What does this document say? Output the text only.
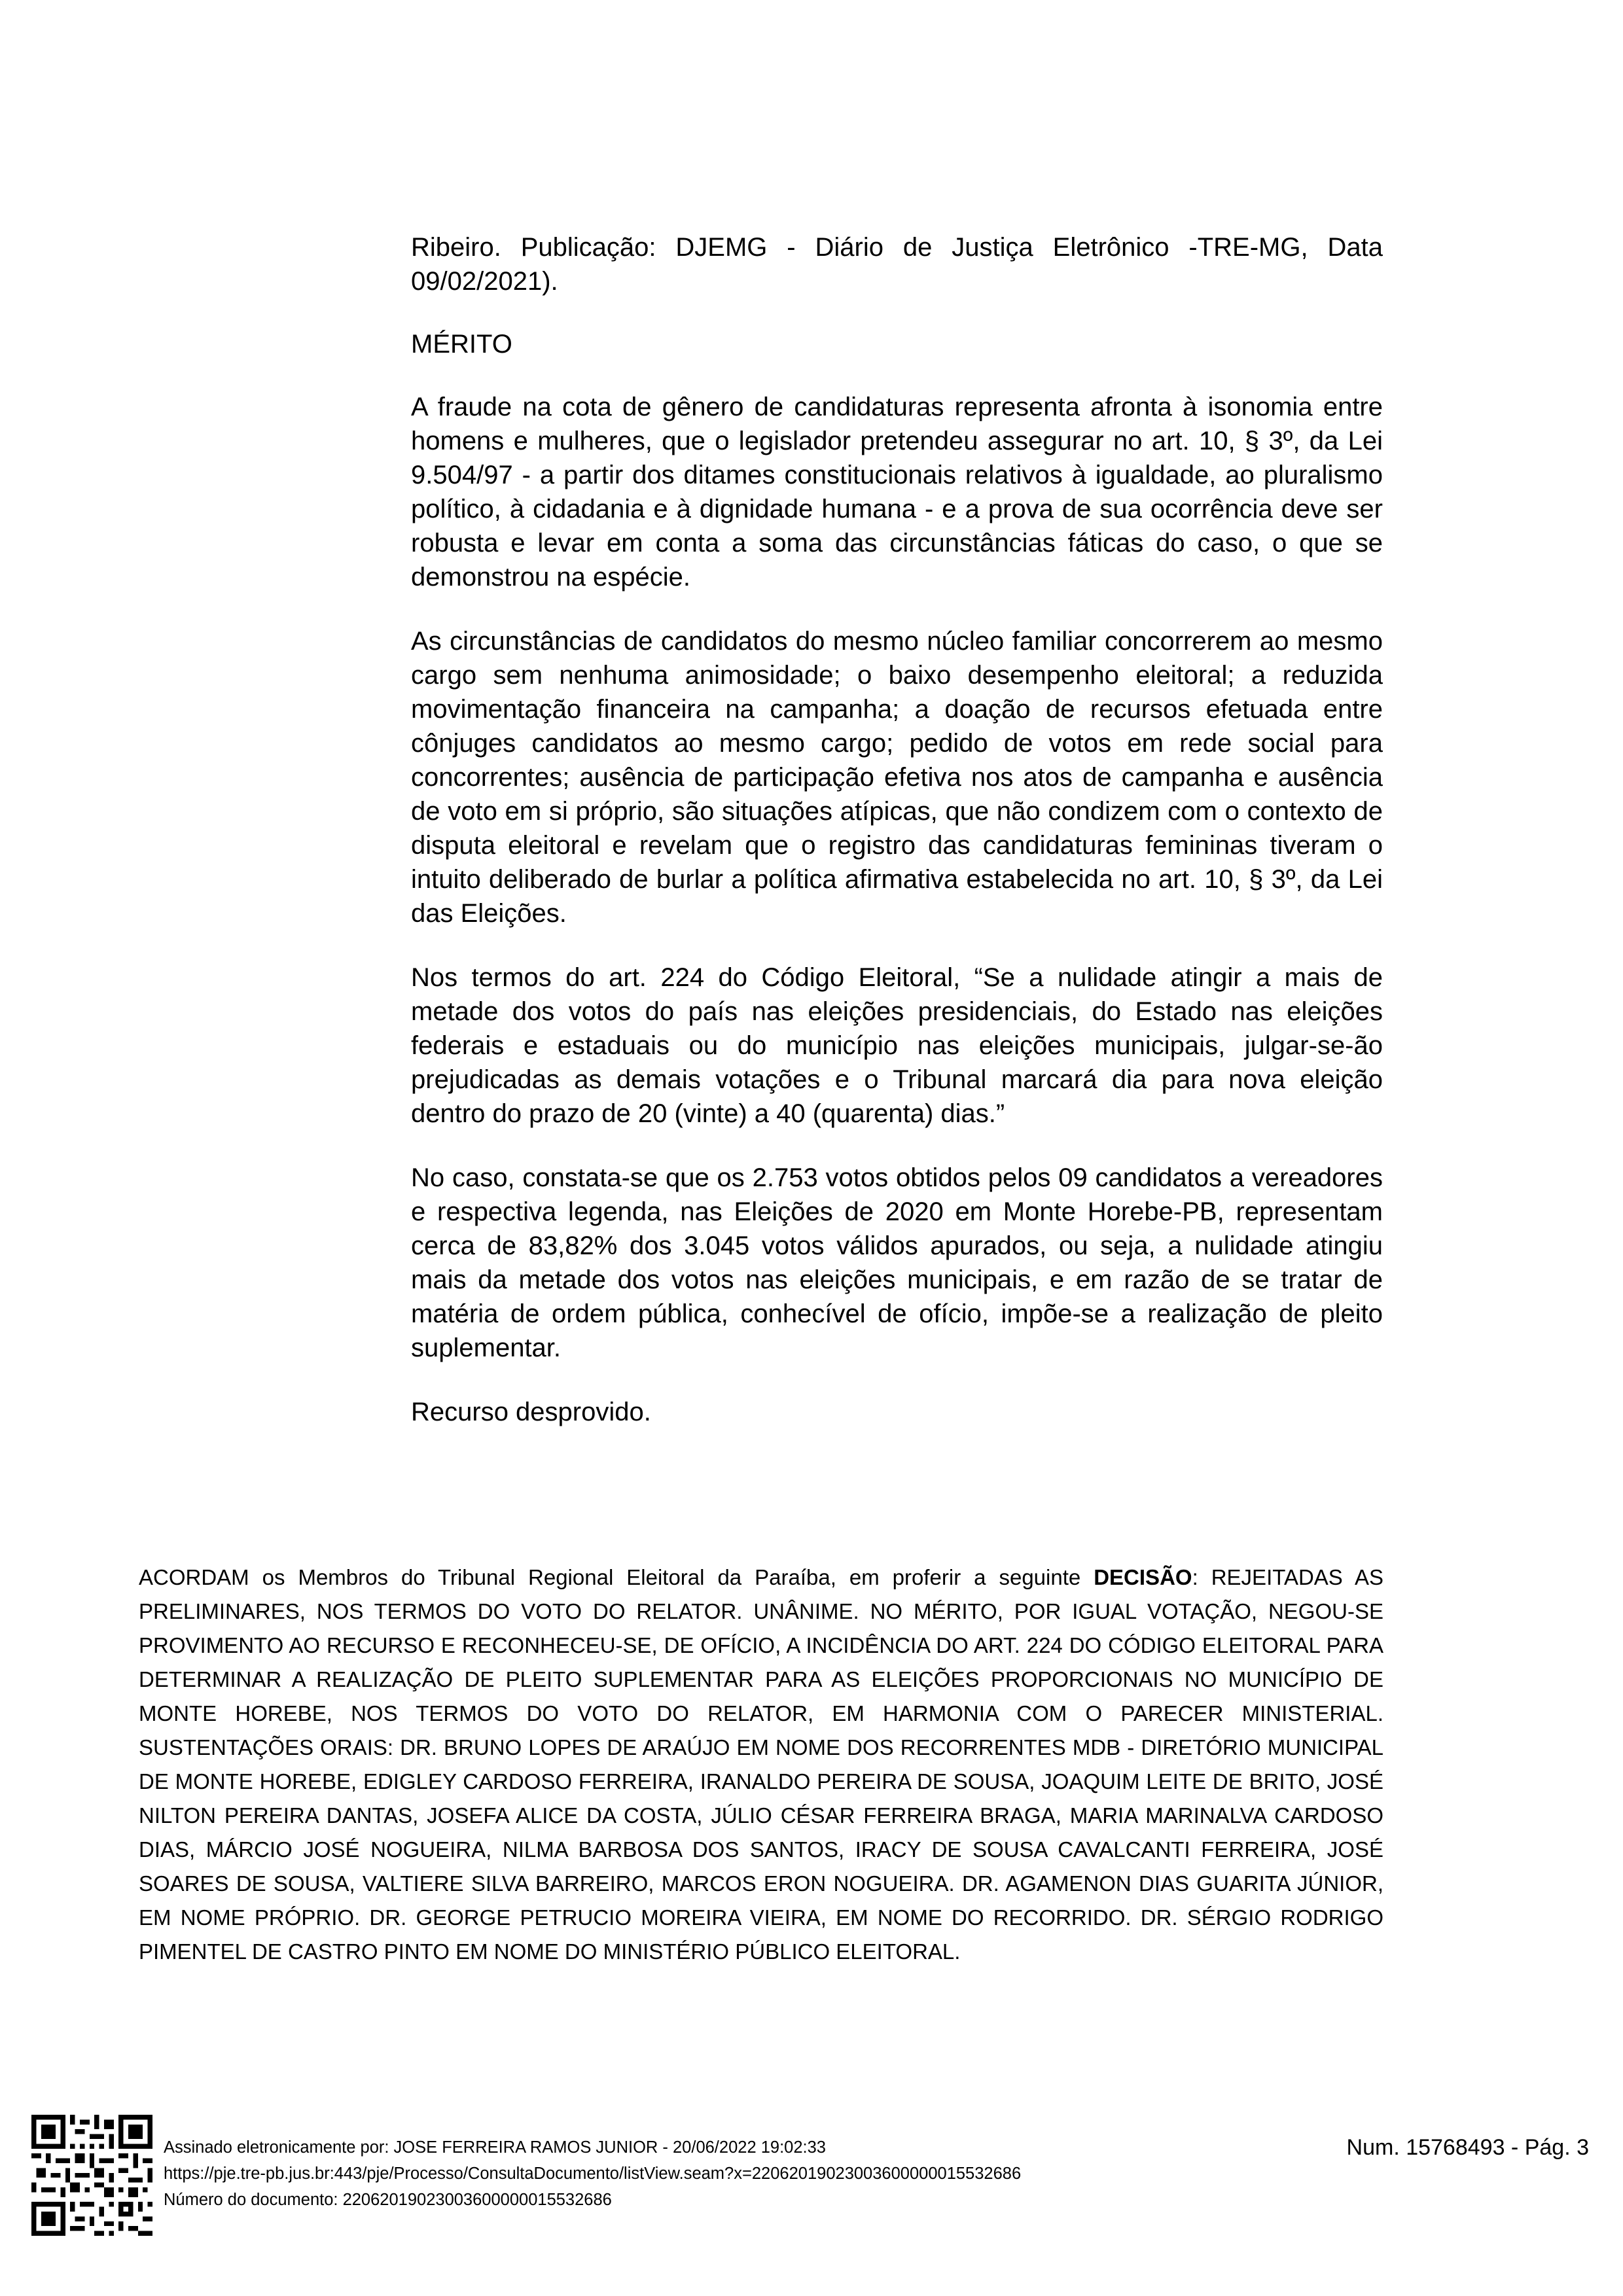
Ribeiro. Publicação: DJEMG - Diário de Justiça Eletrônico -TRE-MG, Data 09/02/2021).

MÉRITO

A fraude na cota de gênero de candidaturas representa afronta à isonomia entre homens e mulheres, que o legislador pretendeu assegurar no art. 10, § 3º, da Lei 9.504/97 - a partir dos ditames constitucionais relativos à igualdade, ao pluralismo político, à cidadania e à dignidade humana - e a prova de sua ocorrência deve ser robusta e levar em conta a soma das circunstâncias fáticas do caso, o que se demonstrou na espécie.

As circunstâncias de candidatos do mesmo núcleo familiar concorrerem ao mesmo cargo sem nenhuma animosidade; o baixo desempenho eleitoral; a reduzida movimentação financeira na campanha; a doação de recursos efetuada entre cônjuges candidatos ao mesmo cargo; pedido de votos em rede social para concorrentes; ausência de participação efetiva nos atos de campanha e ausência de voto em si próprio, são situações atípicas, que não condizem com o contexto de disputa eleitoral e revelam que o registro das candidaturas femininas tiveram o intuito deliberado de burlar a política afirmativa estabelecida no art. 10, § 3º, da Lei das Eleições.

Nos termos do art. 224 do Código Eleitoral, “Se a nulidade atingir a mais de metade dos votos do país nas eleições presidenciais, do Estado nas eleições federais e estaduais ou do município nas eleições municipais, julgar-se-ão prejudicadas as demais votações e o Tribunal marcará dia para nova eleição dentro do prazo de 20 (vinte) a 40 (quarenta) dias.”

No caso, constata-se que os 2.753 votos obtidos pelos 09 candidatos a vereadores e respectiva legenda, nas Eleições de 2020 em Monte Horebe-PB, representam cerca de 83,82% dos 3.045 votos válidos apurados, ou seja, a nulidade atingiu mais da metade dos votos nas eleições municipais, e em razão de se tratar de matéria de ordem pública, conhecível de ofício, impõe-se a realização de pleito suplementar.

Recurso desprovido.

ACORDAM os Membros do Tribunal Regional Eleitoral da Paraíba, em proferir a seguinte DECISÃO: REJEITADAS AS PRELIMINARES, NOS TERMOS DO VOTO DO RELATOR. UNÂNIME. NO MÉRITO, POR IGUAL VOTAÇÃO, NEGOU-SE PROVIMENTO AO RECURSO E RECONHECEU-SE, DE OFÍCIO, A INCIDÊNCIA DO ART. 224 DO CÓDIGO ELEITORAL PARA DETERMINAR A REALIZAÇÃO DE PLEITO SUPLEMENTAR PARA AS ELEIÇÕES PROPORCIONAIS NO MUNICÍPIO DE MONTE HOREBE, NOS TERMOS DO VOTO DO RELATOR, EM HARMONIA COM O PARECER MINISTERIAL. SUSTENTAÇÕES ORAIS: DR. BRUNO LOPES DE ARAÚJO EM NOME DOS RECORRENTES MDB - DIRETÓRIO MUNICIPAL DE MONTE HOREBE, EDIGLEY CARDOSO FERREIRA, IRANALDO PEREIRA DE SOUSA, JOAQUIM LEITE DE BRITO, JOSÉ NILTON PEREIRA DANTAS, JOSEFA ALICE DA COSTA, JÚLIO CÉSAR FERREIRA BRAGA, MARIA MARINALVA CARDOSO DIAS, MÁRCIO JOSÉ NOGUEIRA, NILMA BARBOSA DOS SANTOS, IRACY DE SOUSA CAVALCANTI FERREIRA, JOSÉ SOARES DE SOUSA, VALTIERE SILVA BARREIRO, MARCOS ERON NOGUEIRA. DR. AGAMENON DIAS GUARITA JÚNIOR, EM NOME PRÓPRIO. DR. GEORGE PETRUCIO MOREIRA VIEIRA, EM NOME DO RECORRIDO. DR. SÉRGIO RODRIGO PIMENTEL DE CASTRO PINTO EM NOME DO MINISTÉRIO PÚBLICO ELEITORAL.
Assinado eletronicamente por: JOSE FERREIRA RAMOS JUNIOR - 20/06/2022 19:02:33
https://pje.tre-pb.jus.br:443/pje/Processo/ConsultaDocumento/listView.seam?x=22062019023003600000015532686
Número do documento: 22062019023003600000015532686
Num. 15768493 - Pág. 3
